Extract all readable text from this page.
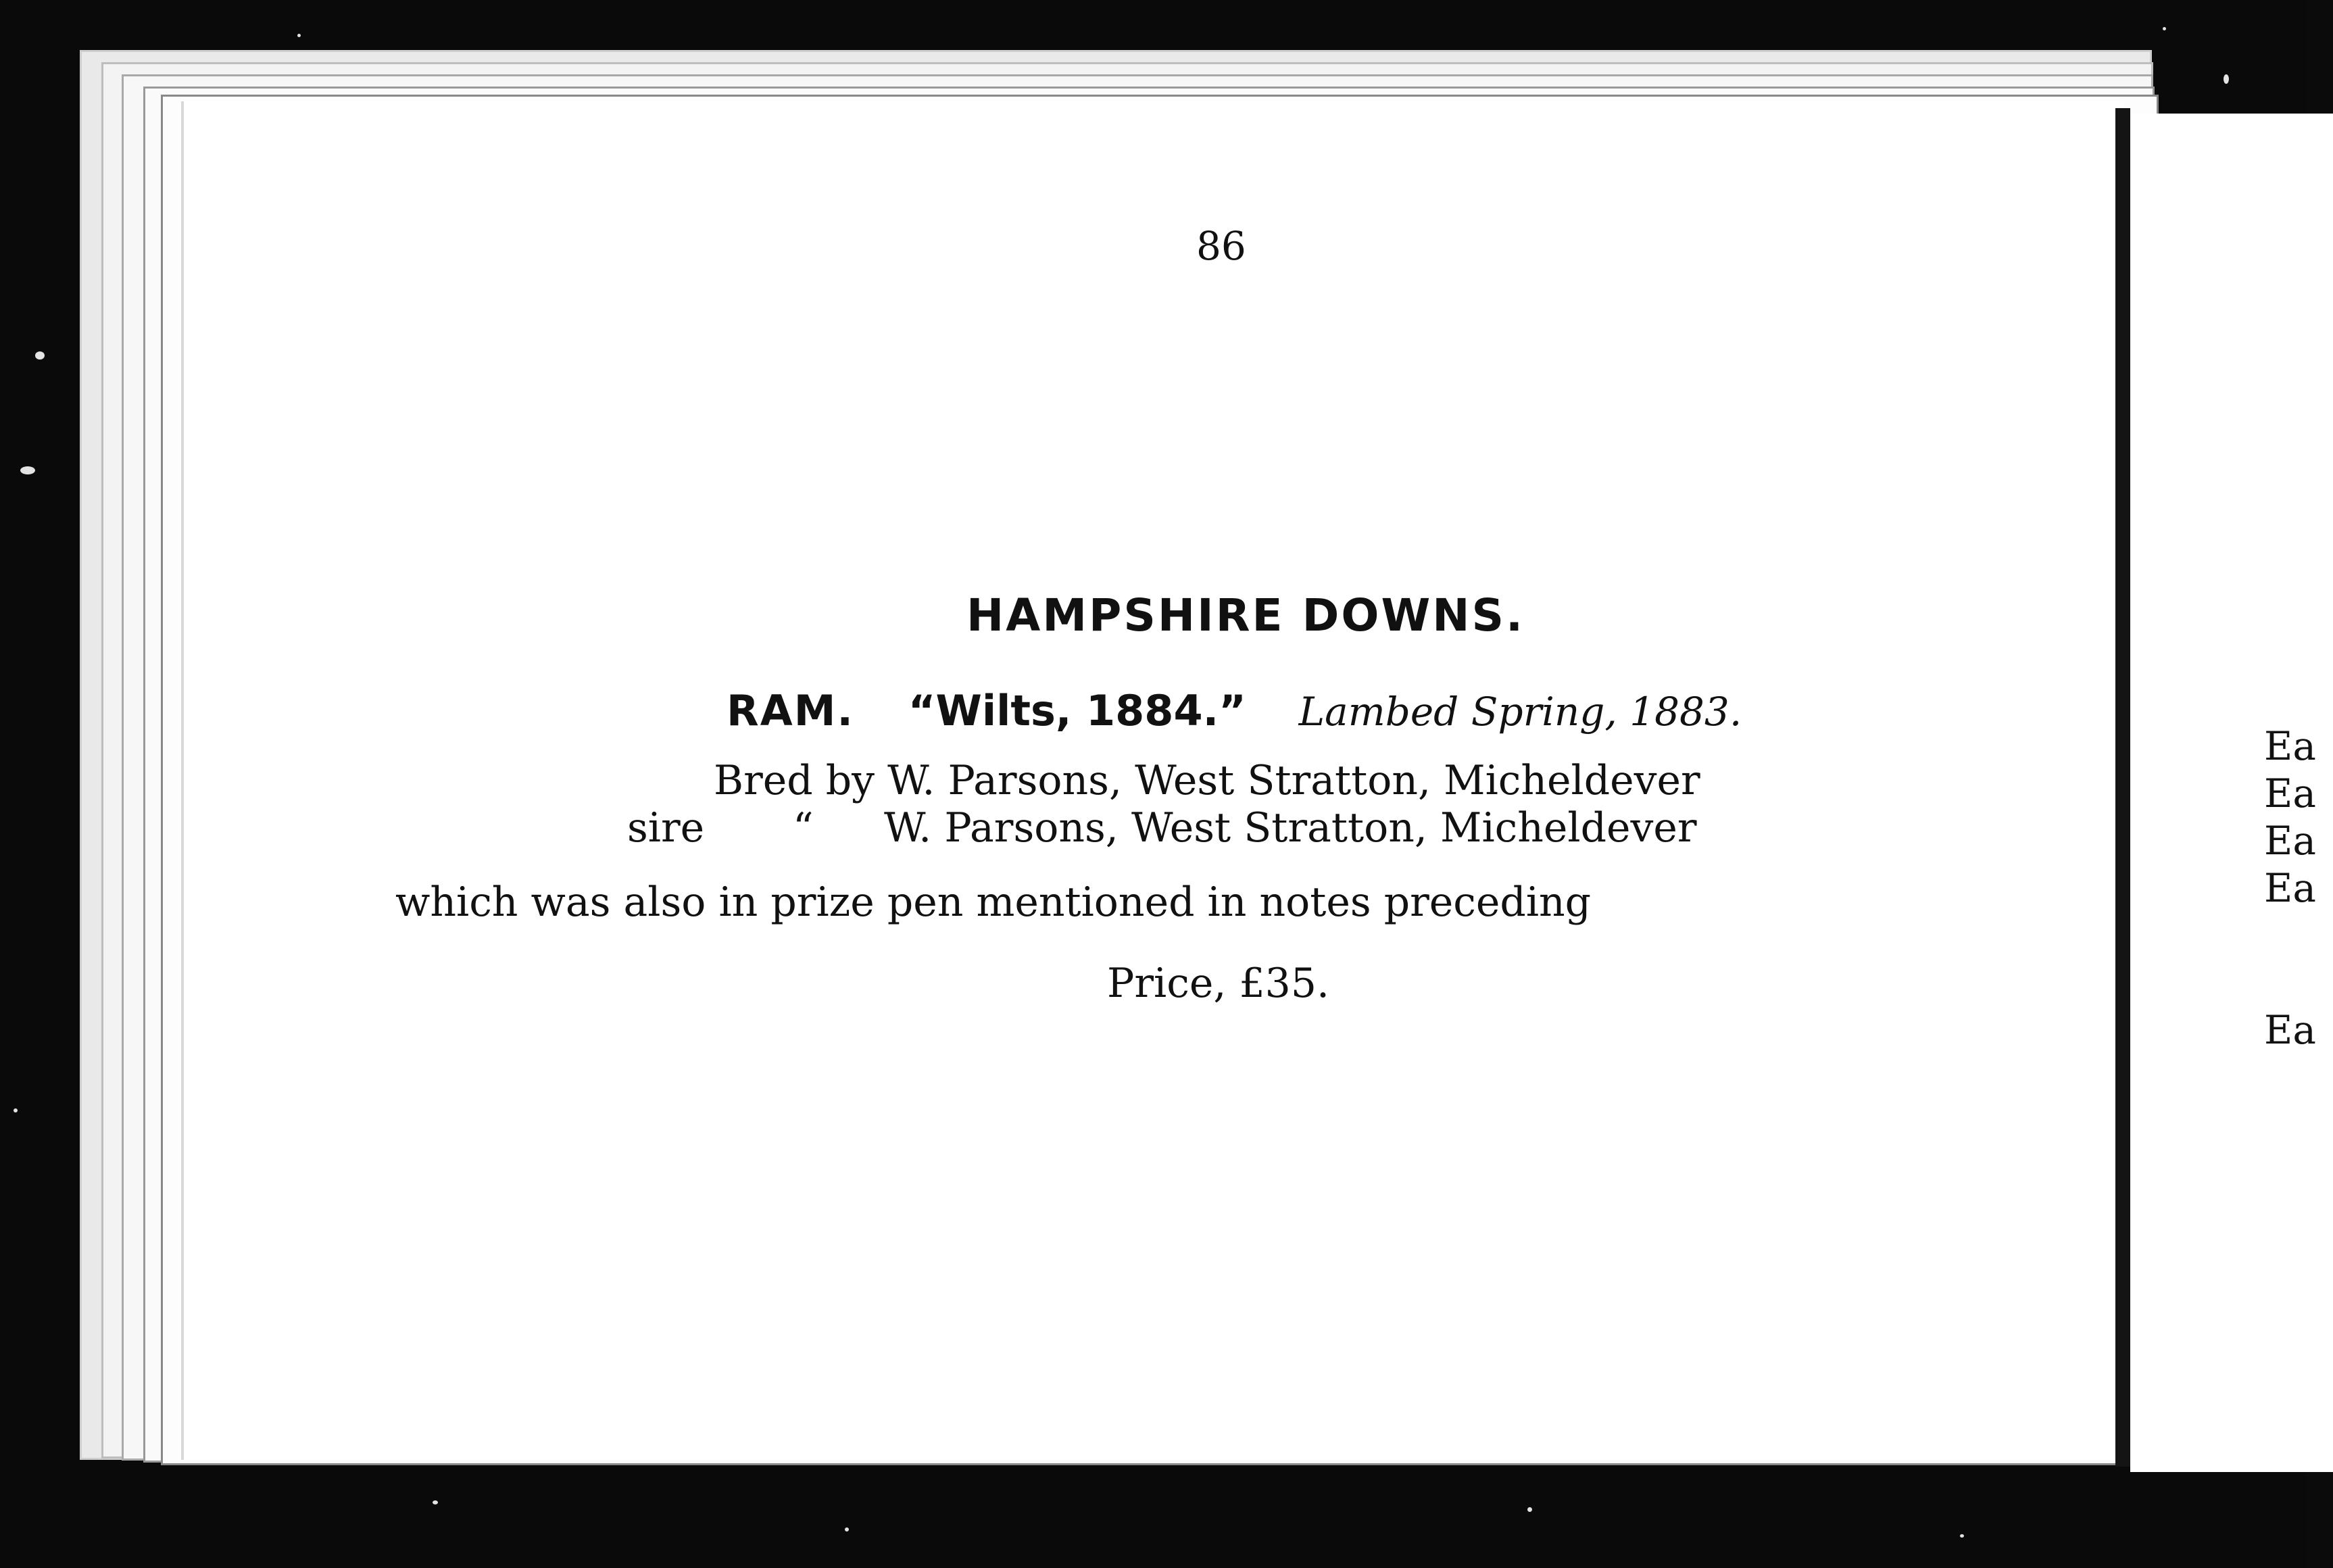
Ea
Ea
Ea
Ea
Ea
86
HAMPSHIRE DOWNS.
RAM. “Wilts, 1884.” Lambed Spring, 1883.
Bred by W. Parsons, West Stratton, Micheldever
sire “ W. Parsons, West Stratton, Micheldever
which was also in prize pen mentioned in notes preceding
Price, £35.
